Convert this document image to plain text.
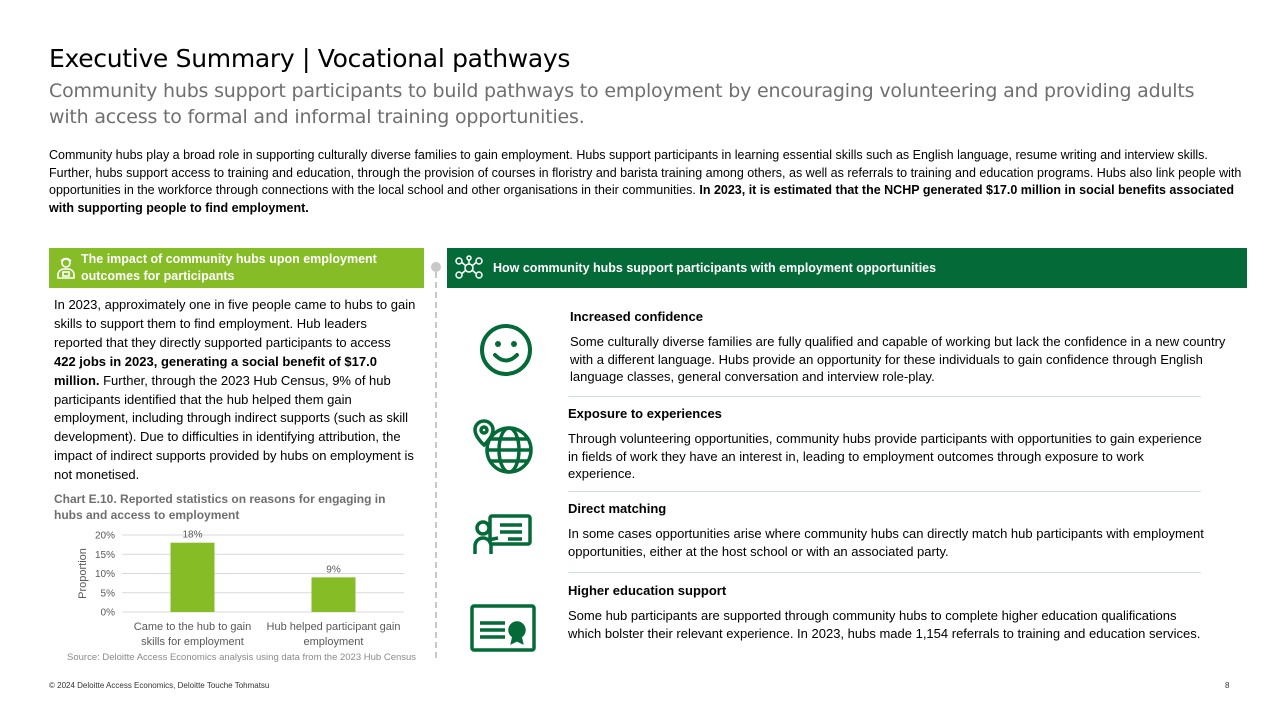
Executive Summary | Vocational pathways
Community hubs support participants to build pathways to employment by encouraging volunteering and providing adults with access to formal and informal training opportunities.
Community hubs play a broad role in supporting culturally diverse families to gain employment. Hubs support participants in learning essential skills such as English language, resume writing and interview skills. Further, hubs support access to training and education, through the provision of courses in floristry and barista training among others, as well as referrals to training and education programs. Hubs also link people with opportunities in the workforce through connections with the local school and other organisations in their communities. In 2023, it is estimated that the NCHP generated $17.0 million in social benefits associated with supporting people to find employment.
The impact of community hubs upon employment outcomes for participants
In 2023, approximately one in five people came to hubs to gain skills to support them to find employment. Hub leaders reported that they directly supported participants to access 422 jobs in 2023, generating a social benefit of $17.0 million. Further, through the 2023 Hub Census, 9% of hub participants identified that the hub helped them gain employment, including through indirect supports (such as skill development). Due to difficulties in identifying attribution, the impact of indirect supports provided by hubs on employment is not monetised.
Chart E.10. Reported statistics on reasons for engaging in hubs and access to employment
0%
5%
10%
15%
20%
Proportion
18%
Came to the hub to gain
skills for employment
9%
Hub helped participant gain
employment
Source: Deloitte Access Economics analysis using data from the 2023 Hub Census
How community hubs support participants with employment opportunities
Increased confidence
Some culturally diverse families are fully qualified and capable of working but lack the confidence in a new country with a different language. Hubs provide an opportunity for these individuals to gain confidence through English language classes, general conversation and interview role-play.
Exposure to experiences
Through volunteering opportunities, community hubs provide participants with opportunities to gain experience in fields of work they have an interest in, leading to employment outcomes through exposure to work experience.
Direct matching
In some cases opportunities arise where community hubs can directly match hub participants with employment opportunities, either at the host school or with an associated party.
Higher education support
Some hub participants are supported through community hubs to complete higher education qualifications which bolster their relevant experience. In 2023, hubs made 1,154 referrals to training and education services.
© 2024 Deloitte Access Economics, Deloitte Touche Tohmatsu	8
